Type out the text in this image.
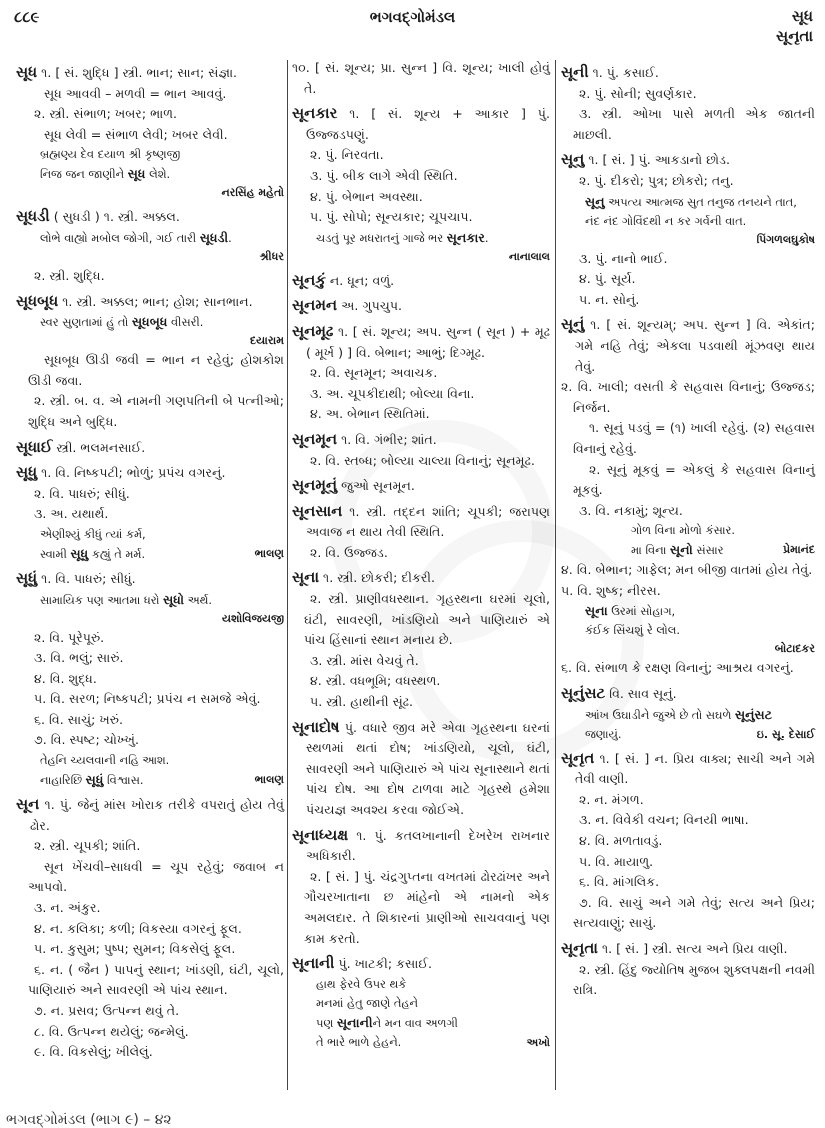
૮૮૯	ભગવદ્ગોમંડલ	સૂધ
સૂનૃતા
સૂધ ૧. [ સં. શુદ્ધિ ] સ્ત્રી. ભાન; સાન; સંજ્ઞા.
સૂધ આવવી – મળવી = ભાન આવવું.
૨. સ્ત્રી. સંભાળ; ખબર; ભાળ.
સૂધ લેવી = સંભાળ લેવી; ખબર લેવી.
બ્રહ્મણ્ય દેવ દયાળ શ્રી કૃષ્ણજી
નિજ જન જાણીને સૂધ લેશે.
નરસિંહ મહેતો
સૂધડી ( સુધડી ) ૧. સ્ત્રી. અક્કલ.
લોભે વાહ્યો મબોલ જોગી, ગઈ તારી સૂધડી.
શ્રીધર
૨. સ્ત્રી. શુદ્ધિ.
સૂધબૂધ ૧. સ્ત્રી. અક્કલ; ભાન; હોશ; સાનભાન.
સ્વર સુણતામાં હું તો સૂધબૂધ વીસરી.
દયારામ
સૂધબૂધ ઊડી જવી = ભાન ન રહેવું; હોશકોશ ઊડી જવા.
૨. સ્ત્રી. બ. વ. એ નામની ગણપતિની બે પત્નીઓ; શુદ્ધિ અને બુદ્ધિ.
સૂધાઈ સ્ત્રી. ભલમનસાઈ.
સૂધુ ૧. વિ. નિષ્કપટી; ભોળું; પ્રપંચ વગરનું.
૨. વિ. પાધરું; સીધું.
૩. અ. યથાર્થ.
એણીશ્યું કીધું ત્યાં કર્મ,
સ્વામી સૂધુ કહ્યું તે મર્મ.	ભાલણ
સૂધું ૧. વિ. પાધરું; સીધું.
સામાયિક પણ આતમા ધરો સૂધો અર્થ.
યશોવિજયજી
૨. વિ. પૂરેપૂરું.
૩. વિ. ભલું; સારું.
૪. વિ. શુદ્ધ.
૫. વિ. સરળ; નિષ્કપટી; પ્રપંચ ન સમજે એવું.
૬. વિ. સાચું; ખરું.
૭. વિ. સ્પષ્ટ; ચોખ્ખું.
તેહનિ ચ્યલવાની નહિ આશ.
નાહારિછિ સૂધું વિશ્વાસ.	ભાલણ
સૂન ૧. પું. જેનું માંસ ખોરાક તરીકે વપરાતું હોય તેવું ઢોર.
૨. સ્ત્રી. ચૂપકી; શાંતિ.
સૂન ખેંચવી–સાધવી = ચૂપ રહેવું; જવાબ ન આપવો.
૩. ન. અંકુર.
૪. ન. કલિકા; કળી; વિકસ્યા વગરનું ફૂલ.
૫. ન. કુસુમ; પુષ્પ; સુમન; વિકસેલું ફૂલ.
૬. ન. ( જૈન ) પાપનું સ્થાન; ખાંડણી, ઘંટી, ચૂલો, પાણિયારું અને સાવરણી એ પાંચ સ્થાન.
૭. ન. પ્રસવ; ઉત્પન્ન થવું તે.
૮. વિ. ઉત્પન્ન થયેલું; જન્મેલું.
૯. વિ. વિકસેલું; ખીલેલું.
૧૦. [ સં. શૂન્ય; પ્રા. સુન્ન ] વિ. શૂન્ય; ખાલી હોવું તે.
સૂનકાર ૧. [ સં. શૂન્ય + આકાર ] પું. ઉજ્જડપણું.
૨. પું. નિરવતા.
૩. પું. બીક લાગે એવી સ્થિતિ.
૪. પું. બેભાન અવસ્થા.
૫. પું. સોપો; સૂન્યકાર; ચૂપચાપ.
ચડતું પૂર મધરાતનું ગાજે ભર સૂનકાર.
નાનાલાલ
સૂનકું ન. ધૂન; વળું.
સૂનમન અ. ગુપચુપ.
સૂનમૂઢ ૧. [ સં. શૂન્ય; અપ. સુન્ન ( સૂન ) + મૂઢ ( મૂર્ખ ) ] વિ. બેભાન; આભું; દિગ્મૂઢ.
૨. વિ. સૂનમૂન; અવાચક.
૩. અ. ચૂપકીદાથી; બોલ્યા વિના.
૪. અ. બેભાન સ્થિતિમાં.
સૂનમૂન ૧. વિ. ગંભીર; શાંત.
૨. વિ. સ્તબ્ધ; બોલ્યા ચાલ્યા વિનાનું; સૂનમૂઢ.
સૂનમૂનું જુઓ સૂનમૂન.
સૂનસાન ૧. સ્ત્રી. તદ્દન શાંતિ; ચૂપકી; જરાપણ અવાજ ન થાય તેવી સ્થિતિ.
૨. વિ. ઉજ્જડ.
સૂના ૧. સ્ત્રી. છોકરી; દીકરી.
૨. સ્ત્રી. પ્રાણીવધસ્થાન. ગૃહસ્થના ઘરમાં ચૂલો, ઘંટી, સાવરણી, ખાંડણિયો અને પાણિયારું એ પાંચ હિંસાનાં સ્થાન મનાય છે.
૩. સ્ત્રી. માંસ વેચવું તે.
૪. સ્ત્રી. વધભૂમિ; વધસ્થળ.
૫. સ્ત્રી. હાથીની સૂંઢ.
સૂનાદોષ પું. વધારે જીવ મરે એવા ગૃહસ્થના ઘરનાં સ્થળમાં થતાં દોષ; ખાંડણિયો, ચૂલો, ઘંટી, સાવરણી અને પાણિયારું એ પાંચ સૂનાસ્થાને થતાં પાંચ દોષ. આ દોષ ટાળવા માટે ગૃહસ્થે હમેશા પંચયજ્ઞ અવશ્ય કરવા જોઈએ.
સૂનાધ્યક્ષ ૧. પું. કતલખાનાની દેખરેખ રાખનાર અધિકારી.
૨. [ સં. ] પું. ચંદ્રગુપ્તના વખતમાં ઢોરઢાંખર અને ગૌચરખાતાના છ માંહેનો એ નામનો એક અમલદાર. તે શિકારનાં પ્રાણીઓ સાચવવાનું પણ કામ કરતો.
સૂનાની પું. ખાટકી; કસાઈ.
હાથ ફેરવે ઉપર થકે
મનમાં હેતુ જાણે તેહને
પણ સૂનાનીને મન વાવ અળગી
તે ભારે ભાળે હેહને.	અખો
સૂની ૧. પું. કસાઈ.
૨. પું. સોની; સુવર્ણકાર.
૩. સ્ત્રી. ઓખા પાસે મળતી એક જાતની માછલી.
સૂનુ ૧. [ સં. ] પું. આકડાનો છોડ.
૨. પું. દીકરો; પુત્ર; છોકરો; તનુ.
સૂનુ અપત્ય આત્મજ સુત તનુજ તનયને તાત,
નંદ નંદ ગોવિંદથી ન કર ગર્વની વાત.
પિંગળલઘુકોષ
૩. પું. નાનો ભાઈ.
૪. પું. સૂર્ય.
૫. ન. સોનું.
સૂનું ૧. [ સં. શૂન્યમ્; અપ. સુન્ન ] વિ. એકાંત; ગમે નહિ તેવું; એકલા પડવાથી મૂંઝવણ થાય તેવું.
૨. વિ. ખાલી; વસતી કે સહવાસ વિનાનું; ઉજ્જડ; નિર્જન.
૧. સૂનું પડવું = (૧) ખાલી રહેવું. (૨) સહવાસ વિનાનું રહેવું.
૨. સૂનું મૂકવું = એકલું કે સહવાસ વિનાનું મૂકવું.
૩. વિ. નકામું; શૂન્ય.
ગોળ વિના મોળો કંસાર.
મા વિના સૂનો સંસાર	પ્રેમાનંદ
૪. વિ. બેભાન; ગાફેલ; મન બીજી વાતમાં હોય તેવું.
૫. વિ. શુષ્ક; નીરસ.
સૂના ઉરમાં સોહાગ,
કંઈક સિંચશું રે લોલ.
બોટાદકર
૬. વિ. સંભાળ કે રક્ષણ વિનાનું; આશ્રય વગરનું.
સૂનુંસટ વિ. સાવ સૂનું.
આંખ ઉઘાડીને જુએ છે તો સઘળે સૂનુંસટ
જણાયું.	ઇ. સૂ. દેસાઈ
સૂનૃત ૧. [ સં. ] ન. પ્રિય વાક્ય; સાચી અને ગમે તેવી વાણી.
૨. ન. મંગળ.
૩. ન. વિવેકી વચન; વિનયી ભાષા.
૪. વિ. મળતાવડું.
૫. વિ. માયાળુ.
૬. વિ. માંગલિક.
૭. વિ. સાચું અને ગમે તેવું; સત્ય અને પ્રિય; સત્યવાણું; સાચું.
સૂનૃતા ૧. [ સં. ] સ્ત્રી. સત્ય અને પ્રિય વાણી.
૨. સ્ત્રી. હિંદુ જ્યોતિષ મુજબ શુક્લપક્ષની નવમી રાત્રિ.
ભગવદ્ગોમંડલ (ભાગ ૯) – ૪૨
